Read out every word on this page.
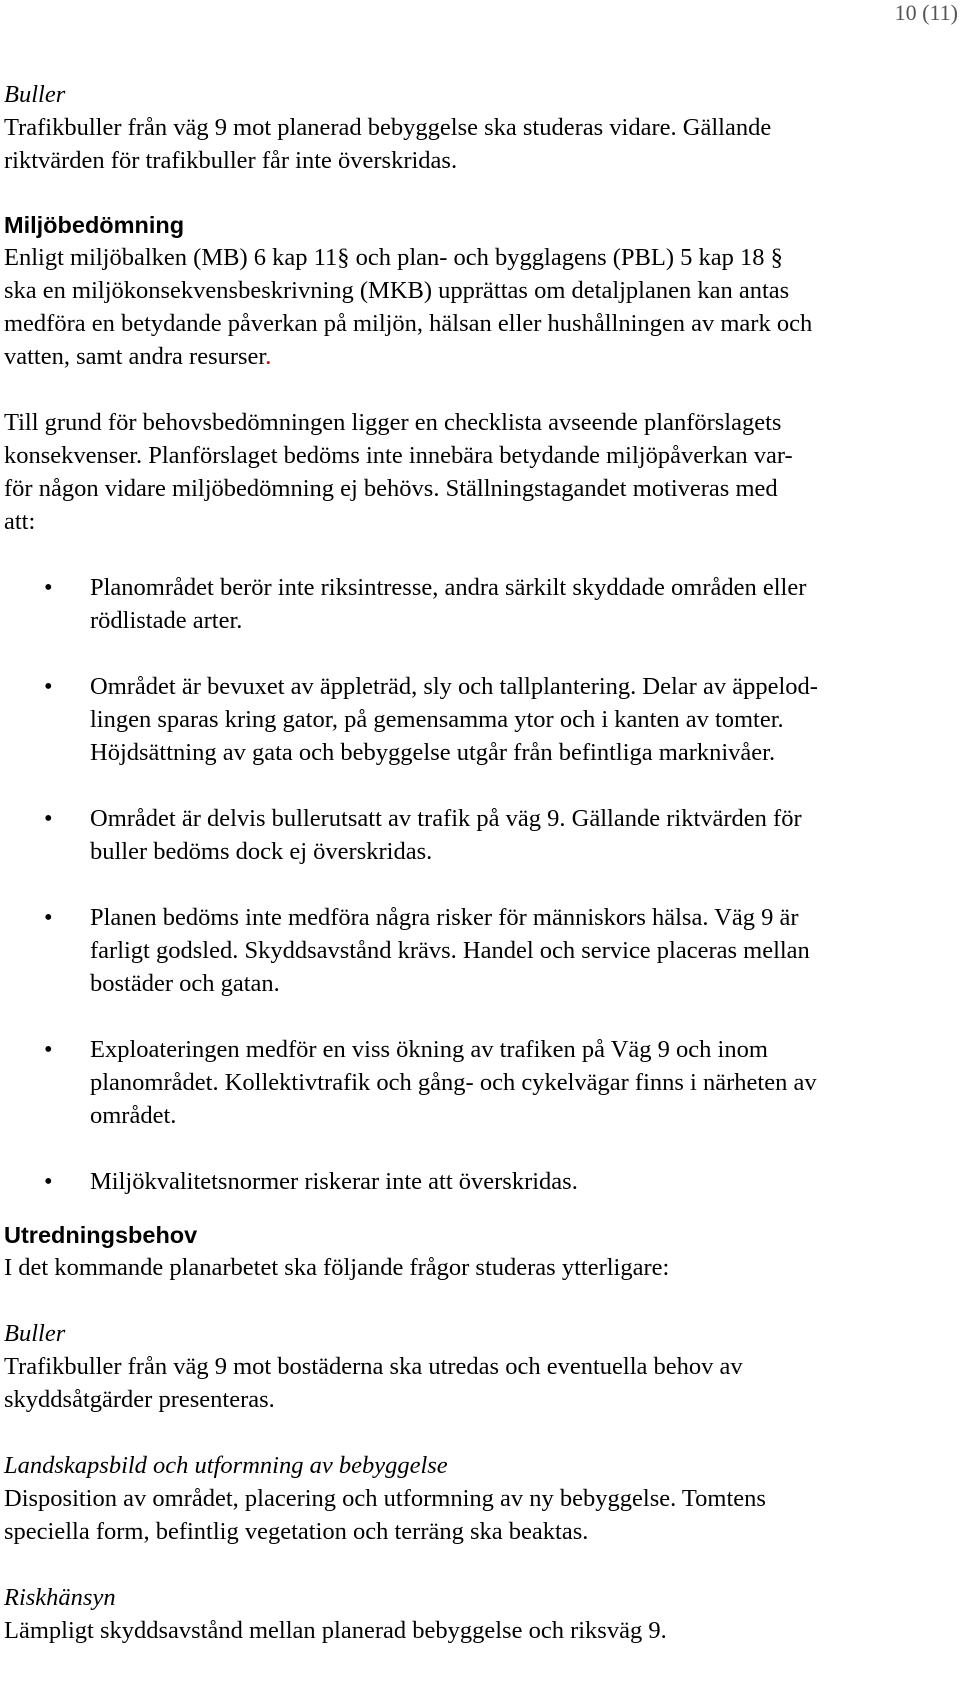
10 (11)

Buller

Trafikbuller från väg 9 mot planerad bebyggelse ska studeras vidare. Gällande

riktvärden för trafikbuller får inte överskridas.

Miljöbedömning

Enligt miljöbalken (MB) 6 kap 11§ och plan- och bygglagens (PBL) 5 kap 18 §

ska en miljökonsekvensbeskrivning (MKB) upprättas om detaljplanen kan antas

medföra en betydande påverkan på miljön, hälsan eller hushållningen av mark och

vatten, samt andra resurser.

Till grund för behovsbedömningen ligger en checklista avseende planförslagets

konsekvenser. Planförslaget bedöms inte innebära betydande miljöpåverkan var-

för någon vidare miljöbedömning ej behövs. Ställningstagandet motiveras med

att:

• Planområdet berör inte riksintresse, andra särkilt skyddade områden eller

rödlistade arter.

• Området är bevuxet av äppleträd, sly och tallplantering. Delar av äppelod-

lingen sparas kring gator, på gemensamma ytor och i kanten av tomter.

Höjdsättning av gata och bebyggelse utgår från befintliga marknivåer.

• Området är delvis bullerutsatt av trafik på väg 9. Gällande riktvärden för

buller bedöms dock ej överskridas.

• Planen bedöms inte medföra några risker för människors hälsa. Väg 9 är

farligt godsled. Skyddsavstånd krävs. Handel och service placeras mellan

bostäder och gatan.

• Exploateringen medför en viss ökning av trafiken på Väg 9 och inom

planområdet. Kollektivtrafik och gång- och cykelvägar finns i närheten av

området.

• Miljökvalitetsnormer riskerar inte att överskridas.

Utredningsbehov

I det kommande planarbetet ska följande frågor studeras ytterligare:

Buller

Trafikbuller från väg 9 mot bostäderna ska utredas och eventuella behov av

skyddsåtgärder presenteras.

Landskapsbild och utformning av bebyggelse

Disposition av området, placering och utformning av ny bebyggelse. Tomtens

speciella form, befintlig vegetation och terräng ska beaktas.

Riskhänsyn

Lämpligt skyddsavstånd mellan planerad bebyggelse och riksväg 9.
